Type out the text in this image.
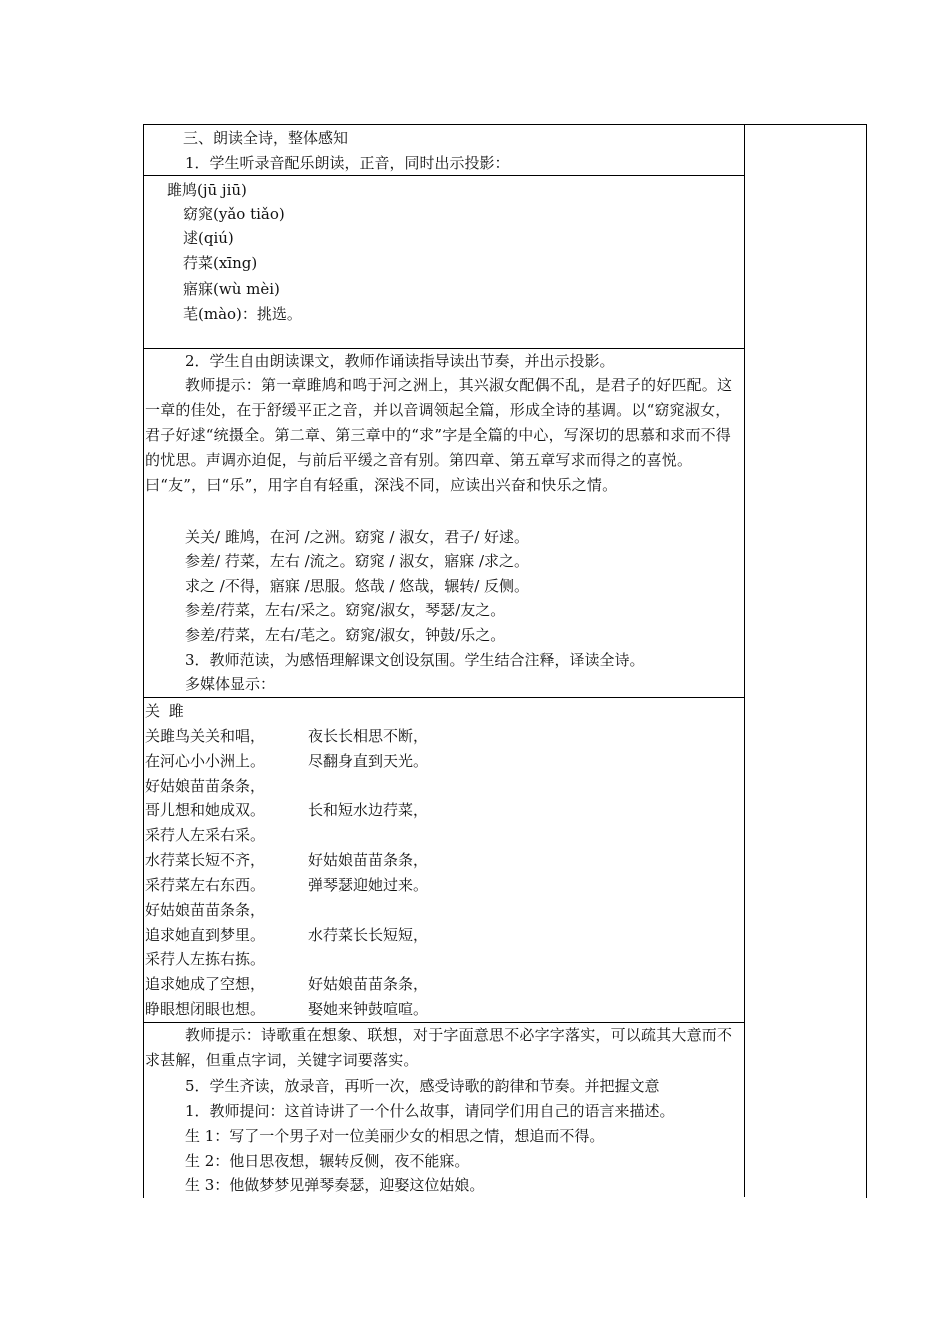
三、朗读全诗，整体感知
1．学生听录音配乐朗读，正音，同时出示投影：
雎鸠(jū jiū)
窈窕(yǎo tiǎo)
逑(qiú)
荇菜(xīng)
寤寐(wù mèi)
芼(mào)：挑选。
2．学生自由朗读课文，教师作诵读指导读出节奏，并出示投影。
教师提示：第一章雎鸠和鸣于河之洲上，其兴淑女配偶不乱，是君子的好匹配。这一章的佳处，在于舒缓平正之音，并以音调领起全篇，形成全诗的基调。以“窈窕淑女，君子好逑“统摄全。第二章、第三章中的“求”字是全篇的中心，写深切的思慕和求而不得的忧思。声调亦迫促，与前后平缓之音有别。第四章、第五章写求而得之的喜悦。曰“友”，曰“乐”，用字自有轻重，深浅不同，应读出兴奋和快乐之情。
关关/ 雎鸠，在河 /之洲。窈窕 / 淑女，君子/ 好逑。
参差/ 荇菜，左右 /流之。窈窕 / 淑女，寤寐 /求之。
求之 /不得，寤寐 /思服。悠哉 / 悠哉，辗转/ 反侧。
参差/荇菜，左右/采之。窈窕/淑女，琴瑟/友之。
参差/荇菜，左右/芼之。窈窕/淑女，钟鼓/乐之。
3．教师范读，为感悟理解课文创设氛围。学生结合注释，译读全诗。
多媒体显示：
关 雎
关雎鸟关关和唱，
在河心小小洲上。
好姑娘苗苗条条，
哥儿想和她成双。
采荇人左采右采。
水荇菜长短不齐，
采荇菜左右东西。
好姑娘苗苗条条，
追求她直到梦里。
采荇人左拣右拣。
追求她成了空想，
睁眼想闭眼也想。
夜长长相思不断，
尽翻身直到天光。
长和短水边荇菜，
好姑娘苗苗条条，
弹琴瑟迎她过来。
水荇菜长长短短，
好姑娘苗苗条条，
娶她来钟鼓喧喧。
教师提示：诗歌重在想象、联想，对于字面意思不必字字落实，可以疏其大意而不求甚解，但重点字词，关键字词要落实。
5．学生齐读，放录音，再听一次，感受诗歌的韵律和节奏。并把握文意
1．教师提问：这首诗讲了一个什么故事，请同学们用自己的语言来描述。
生 1：写了一个男子对一位美丽少女的相思之情，想追而不得。
生 2：他日思夜想，辗转反侧，夜不能寐。
生 3：他做梦梦见弹琴奏瑟，迎娶这位姑娘。
